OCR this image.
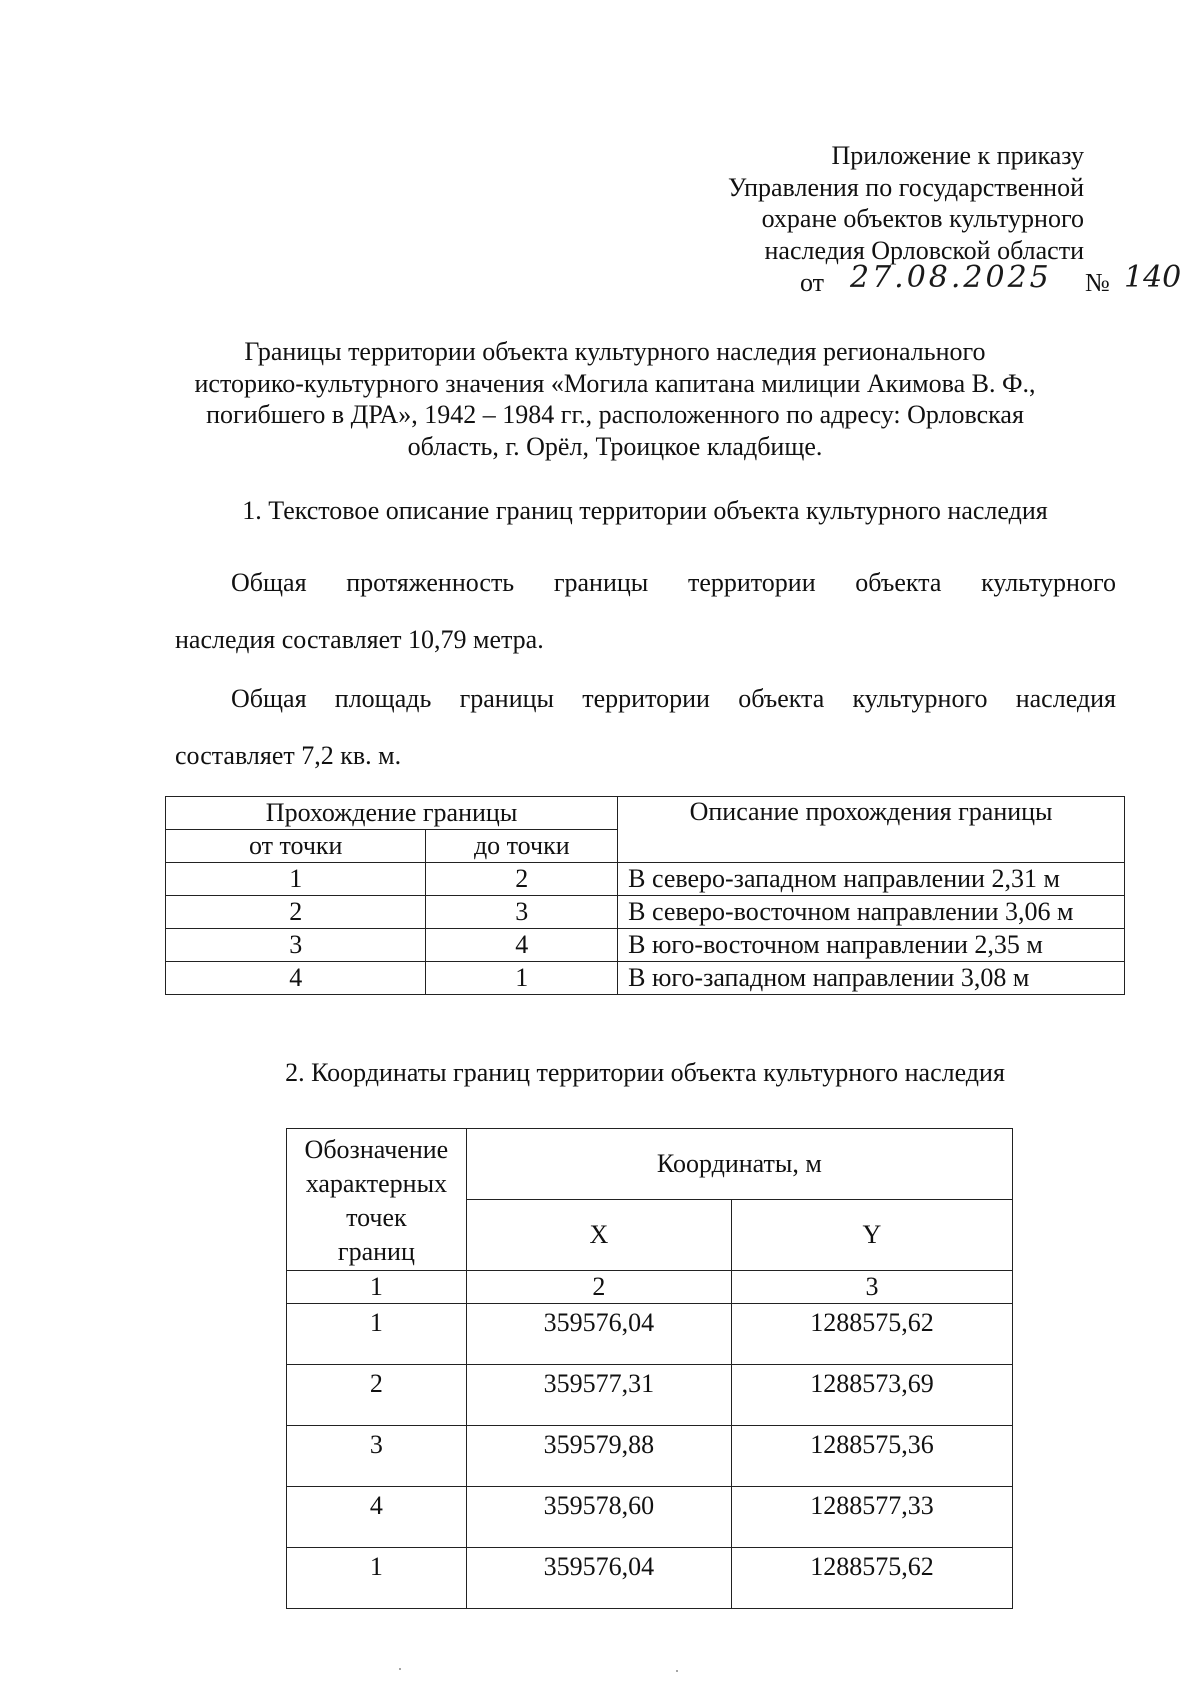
Приложение к приказу
Управления по государственной
охране объектов культурного
наследия Орловской области
от 27.08.2025 № 140
Границы территории объекта культурного наследия регионального
историко-культурного значения «Могила капитана милиции Акимова В. Ф.,
погибшего в ДРА», 1942 – 1984 гг., расположенного по адресу: Орловская
область, г. Орёл, Троицкое кладбище.
1. Текстовое описание границ территории объекта культурного наследия
Общая протяженность границы территории объекта культурного
наследия составляет 10,79 метра.
Общая площадь границы территории объекта культурного наследия
составляет 7,2 кв. м.
Прохождение границы		Описание прохождения границы
от точки	до точки	
1	2	В северо-западном направлении 2,31 м
2	3	В северо-восточном направлении 3,06 м
3	4	В юго-восточном направлении 2,35 м
4	1	В юго-западном направлении 3,08 м
2. Координаты границ территории объекта культурного наследия
Обозначение
характерных
точек
границ	Координаты, м	
	X	Y
1	2	3
1	359576,04	1288575,62
2	359577,31	1288573,69
3	359579,88	1288575,36
4	359578,60	1288577,33
1	359576,04	1288575,62
